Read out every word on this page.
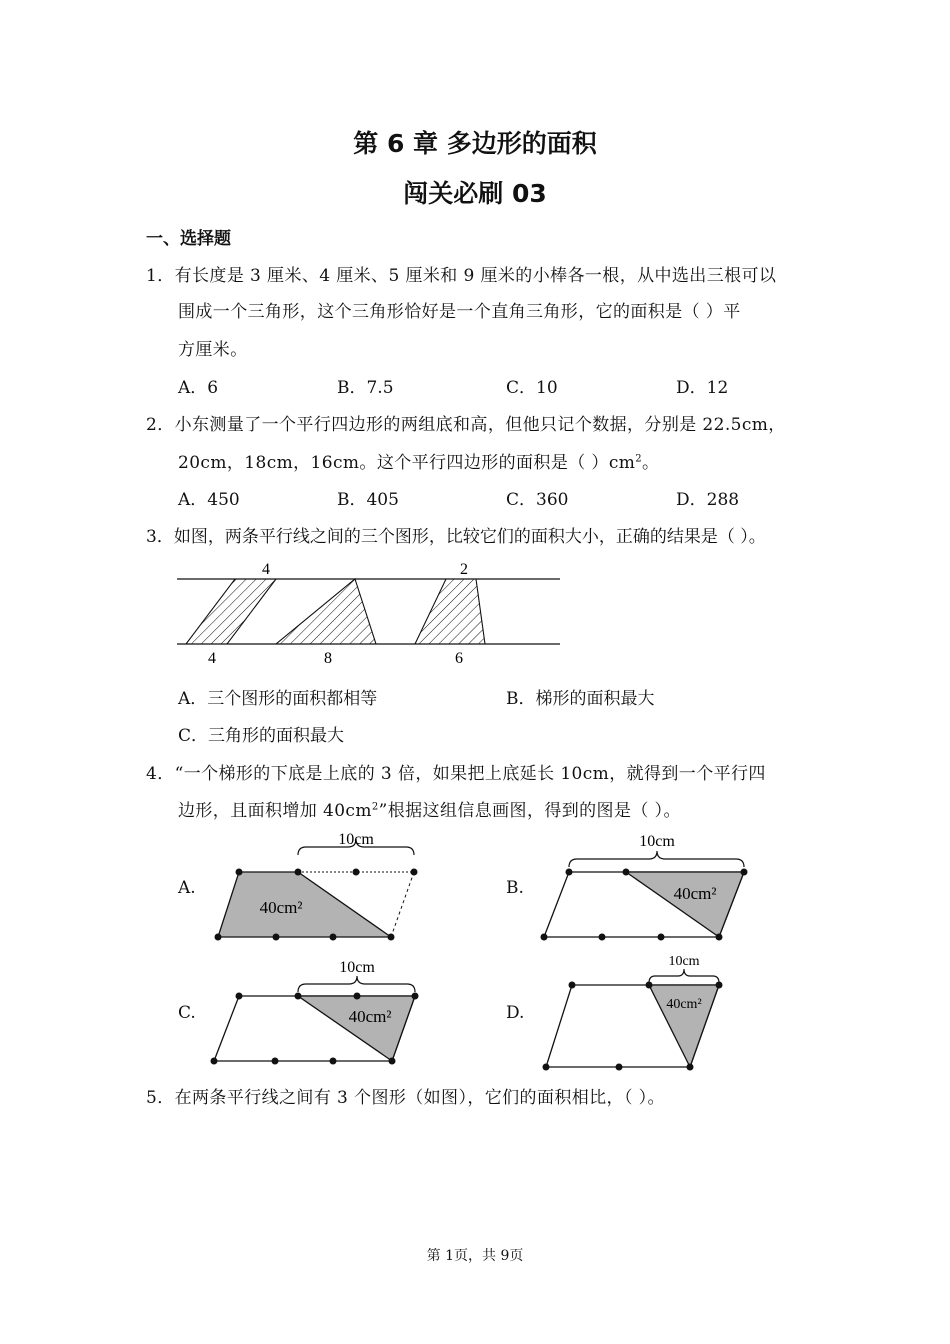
第 6 章 多边形的面积
闯关必刷 03
一、选择题
1．有长度是 3 厘米、4 厘米、5 厘米和 9 厘米的小棒各一根，从中选出三根可以
围成一个三角形，这个三角形恰好是一个直角三角形，它的面积是（ ）平
方厘米。
A．6	B．7.5	C．10	D．12
2．小东测量了一个平行四边形的两组底和高，但他只记个数据，分别是 22.5cm，
20cm，18cm，16cm。这个平行四边形的面积是（ ）$cm^2$。
A．450	B．405	C．360	D．288
3．如图，两条平行线之间的三个图形，比较它们的面积大小，正确的结果是（ ）。
4	2
4	8	6
A．三个图形的面积都相等	B．梯形的面积最大
C．三角形的面积最大
4．“一个梯形的下底是上底的 3 倍，如果把上底延长 10cm，就得到一个平行四
边形，且面积增加 $40cm^2$”根据这组信息画图，得到的图是（ ）。
A.
10cm
40cm²
B.
10cm
40cm²
C.
10cm
40cm²	D.
10cm
40cm²
5．在两条平行线之间有 3 个图形（如图），它们的面积相比，（ ）。
第 1页，共 9页
